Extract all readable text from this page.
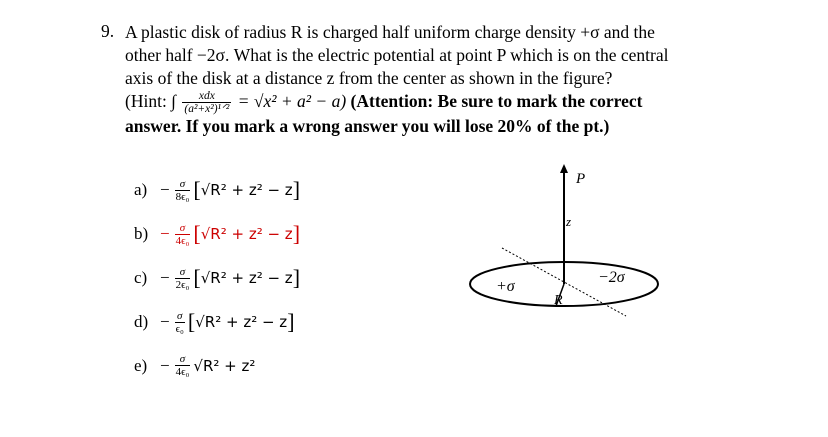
9. A plastic disk of radius R is charged half uniform charge density +σ and the
other half −2σ. What is the electric potential at point P which is on the central
axis of the disk at a distance z from the center as shown in the figure?
(Hint: ∫ $\frac{\text{xdx}}{\text{(a²+x²)¹ᐟ²}} = √x^2 + a^2 - a$) (Attention: Be sure to mark the correct
answer. If you mark a wrong answer you will lose 20% of the pt.)
$a) - \frac{\sigma}{\text{8ϵ₀}}$ [ √R² + z² − z ]
$b) - \frac{\sigma}{\text{4ϵ₀}}$ [ √R² + z² − z ]
$c) - \frac{\sigma}{\text{2ϵ₀}}$ [ √R² + z² − z ]
$d) - \frac{\sigma}{\text{ϵ₀}}$ [ √R² + z² − z ]
$e) - \frac{\sigma}{\text{4ϵ₀}} √R^2 + z^2$
P
z
+σ
−2σ
R
